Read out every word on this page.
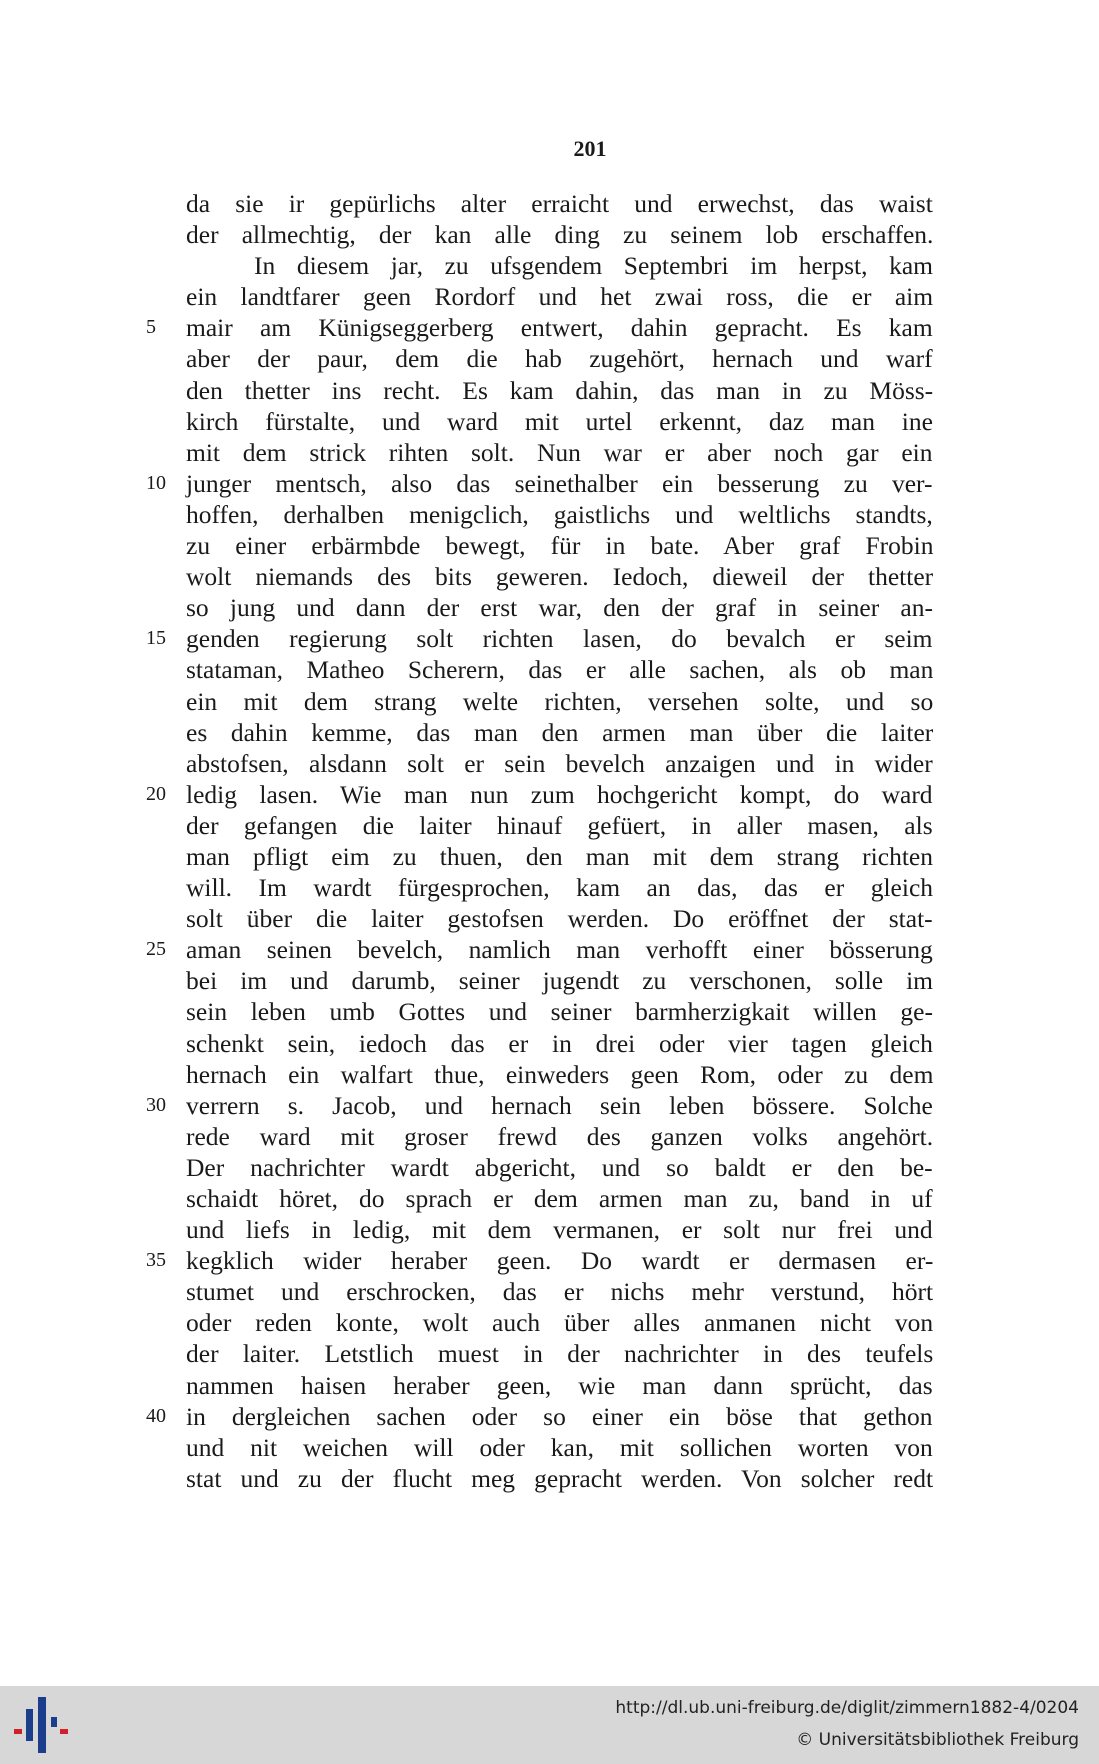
201
da sie ir gepürlichs alter erraicht und erwechst, das waist
der allmechtig, der kan alle ding zu seinem lob erschaffen.
In diesem jar, zu ufsgendem Septembri im herpst, kam
ein landtfarer geen Rordorf und het zwai ross, die er aim
5	mair am Künigseggerberg entwert, dahin gepracht. Es kam
aber der paur, dem die hab zugehört, hernach und warf
den thetter ins recht. Es kam dahin, das man in zu Möss-
kirch fürstalte, und ward mit urtel erkennt, daz man ine
mit dem strick rihten solt. Nun war er aber noch gar ein
10 junger mentsch, also das seinethalber ein besserung zu ver-
hoffen, derhalben menigclich, gaistlichs und weltlichs standts,
zu einer erbärmbde bewegt, für in bate. Aber graf Frobin
wolt niemands des bits geweren. Iedoch, dieweil der thetter
so jung und dann der erst war, den der graf in seiner an-
15 genden regierung solt richten lasen, do bevalch er seim
stataman, Matheo Scherern, das er alle sachen, als ob man
ein mit dem strang welte richten, versehen solte, und so
es dahin kemme, das man den armen man über die laiter
abstofsen, alsdann solt er sein bevelch anzaigen und in wider
20 ledig lasen. Wie man nun zum hochgericht kompt, do ward
der gefangen die laiter hinauf gefüert, in aller masen, als
man pfligt eim zu thuen, den man mit dem strang richten
will. Im wardt fürgesprochen, kam an das, das er gleich
solt über die laiter gestofsen werden. Do eröffnet der stat-
25 aman seinen bevelch, namlich man verhofft einer bösserung
bei im und darumb, seiner jugendt zu verschonen, solle im
sein leben umb Gottes und seiner barmherzigkait willen ge-
schenkt sein, iedoch das er in drei oder vier tagen gleich
hernach ein walfart thue, einweders geen Rom, oder zu dem
30 verrern s. Jacob, und hernach sein leben bössere. Solche
rede ward mit groser frewd des ganzen volks angehört.
Der nachrichter wardt abgericht, und so baldt er den be-
schaidt höret, do sprach er dem armen man zu, band in uf
und liefs in ledig, mit dem vermanen, er solt nur frei und
35 kegklich wider heraber geen. Do wardt er dermasen er-
stumet und erschrocken, das er nichs mehr verstund, hört
oder reden konte, wolt auch über alles anmanen nicht von
der laiter. Letstlich muest in der nachrichter in des teufels
nammen haisen heraber geen, wie man dann sprücht, das
40 in dergleichen sachen oder so einer ein böse that gethon
und nit weichen will oder kan, mit sollichen worten von
stat und zu der flucht meg gepracht werden. Von solcher redt
http://dl.ub.uni-freiburg.de/diglit/zimmern1882-4/0204
© Universitätsbibliothek Freiburg
